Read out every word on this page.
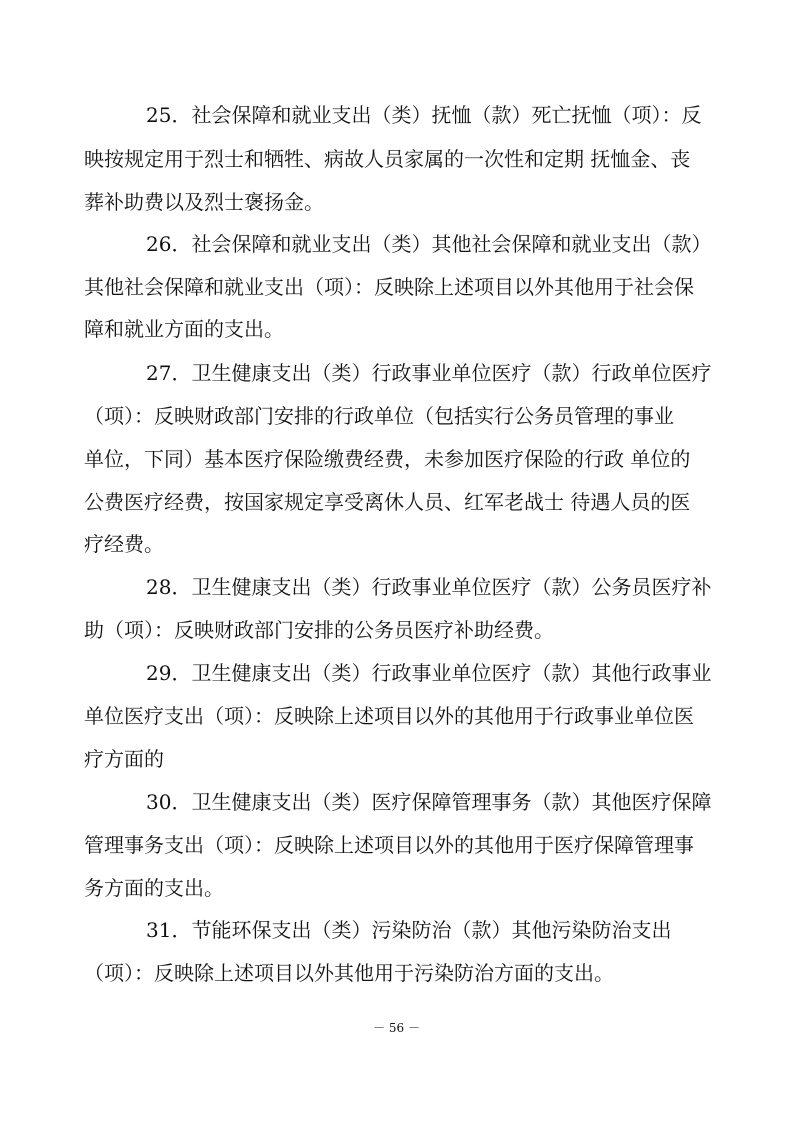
25．社会保障和就业支出（类）抚恤（款）死亡抚恤（项）：反
映按规定用于烈士和牺牲、病故人员家属的一次性和定期 抚恤金、丧
葬补助费以及烈士褒扬金。
26．社会保障和就业支出（类）其他社会保障和就业支出（款）
其他社会保障和就业支出（项）：反映除上述项目以外其他用于社会保
障和就业方面的支出。
27．卫生健康支出（类）行政事业单位医疗（款）行政单位医疗
（项）：反映财政部门安排的行政单位（包括实行公务员管理的事业
单位，下同）基本医疗保险缴费经费，未参加医疗保险的行政 单位的
公费医疗经费，按国家规定享受离休人员、红军老战士 待遇人员的医
疗经费。
28．卫生健康支出（类）行政事业单位医疗（款）公务员医疗补
助（项）：反映财政部门安排的公务员医疗补助经费。
29．卫生健康支出（类）行政事业单位医疗（款）其他行政事业
单位医疗支出（项）：反映除上述项目以外的其他用于行政事业单位医
疗方面的
30．卫生健康支出（类）医疗保障管理事务（款）其他医疗保障
管理事务支出（项）：反映除上述项目以外的其他用于医疗保障管理事
务方面的支出。
31．节能环保支出（类）污染防治（款）其他污染防治支出
（项）：反映除上述项目以外其他用于污染防治方面的支出。
－ 56 －
